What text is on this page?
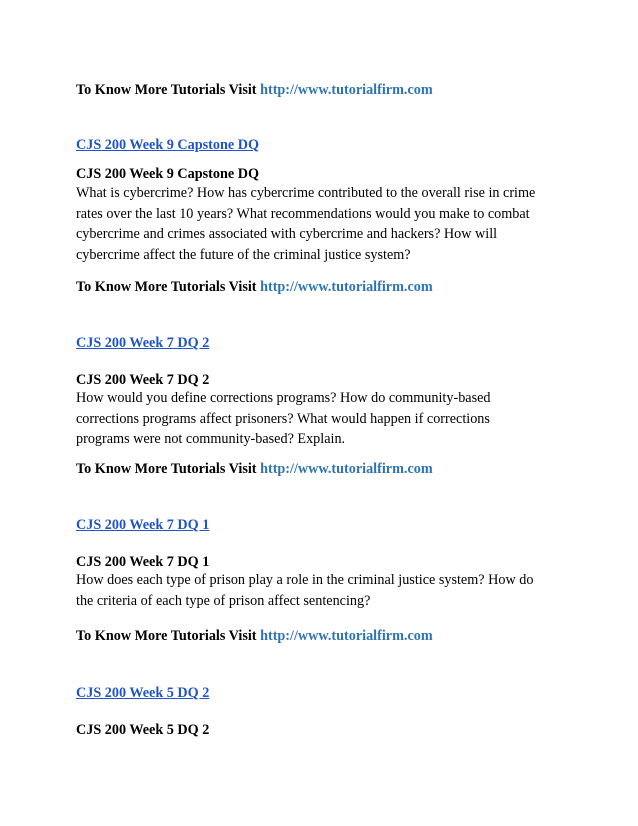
To Know More Tutorials Visit http://www.tutorialfirm.com
CJS 200 Week 9 Capstone DQ
CJS 200 Week 9 Capstone DQ
What is cybercrime? How has cybercrime contributed to the overall rise in crime rates over the last 10 years? What recommendations would you make to combat cybercrime and crimes associated with cybercrime and hackers? How will cybercrime affect the future of the criminal justice system?
To Know More Tutorials Visit http://www.tutorialfirm.com
CJS 200 Week 7 DQ 2
CJS 200 Week 7 DQ 2
How would you define corrections programs? How do community-based corrections programs affect prisoners? What would happen if corrections programs were not community-based? Explain.
To Know More Tutorials Visit http://www.tutorialfirm.com
CJS 200 Week 7 DQ 1
CJS 200 Week 7 DQ 1
How does each type of prison play a role in the criminal justice system? How do the criteria of each type of prison affect sentencing?
To Know More Tutorials Visit http://www.tutorialfirm.com
CJS 200 Week 5 DQ 2
CJS 200 Week 5 DQ 2
